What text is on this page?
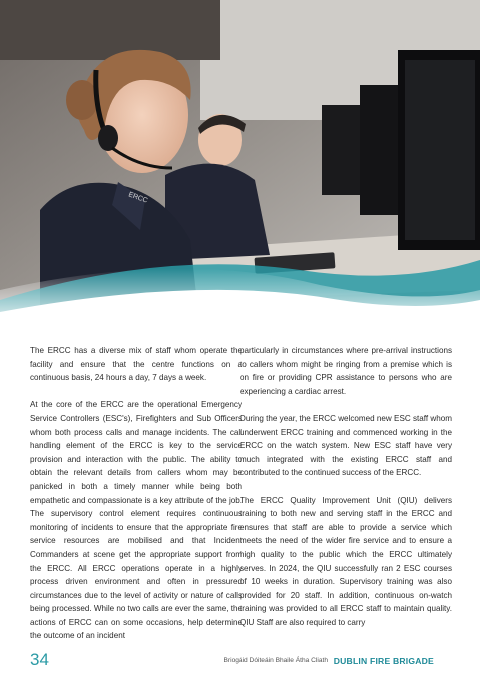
ERCC

The ERCC has a diverse mix of staff whom operate the facility and ensure that the centre functions on a continuous basis, 24 hours a day, 7 days a week.

At the core of the ERCC are the operational Emergency Service Controllers (ESC's), Firefighters and Sub Officers whom both process calls and manage incidents. The call handling element of the ERCC is key to the service provision and interaction with the public. The ability to obtain the relevant details from callers whom may be panicked in both a timely manner while being both empathetic and compassionate is a key attribute of the job. The supervisory control element requires continuous monitoring of incidents to ensure that the appropriate fire service resources are mobilised and that Incident Commanders at scene get the appropriate support from the ERCC. All ERCC operations operate in a highly process driven environment and often in pressured circumstances due to the level of activity or nature of calls being processed. While no two calls are ever the same, the actions of ERCC can on some occasions, help determine the outcome of an incident

particularly in circumstances where pre-arrival instructions to callers whom might be ringing from a premise which is on fire or providing CPR assistance to persons who are experiencing a cardiac arrest.

During the year, the ERCC welcomed new ESC staff whom underwent ERCC training and commenced working in the ERCC on the watch system. New ESC staff have very much integrated with the existing ERCC staff and contributed to the continued success of the ERCC.

The ERCC Quality Improvement Unit (QIU) delivers training to both new and serving staff in the ERCC and ensures that staff are able to provide a service which meets the need of the wider fire service and to ensure a high quality to the public which the ERCC ultimately serves. In 2024, the QIU successfully ran 2 ESC courses of 10 weeks in duration. Supervisory training was also provided for 20 staff. In addition, continuous on-watch training was provided to all ERCC staff to maintain quality. QIU Staff are also required to carry

34	Briogáid Dóiteáin Bhaile Átha Cliath DUBLIN FIRE BRIGADE
